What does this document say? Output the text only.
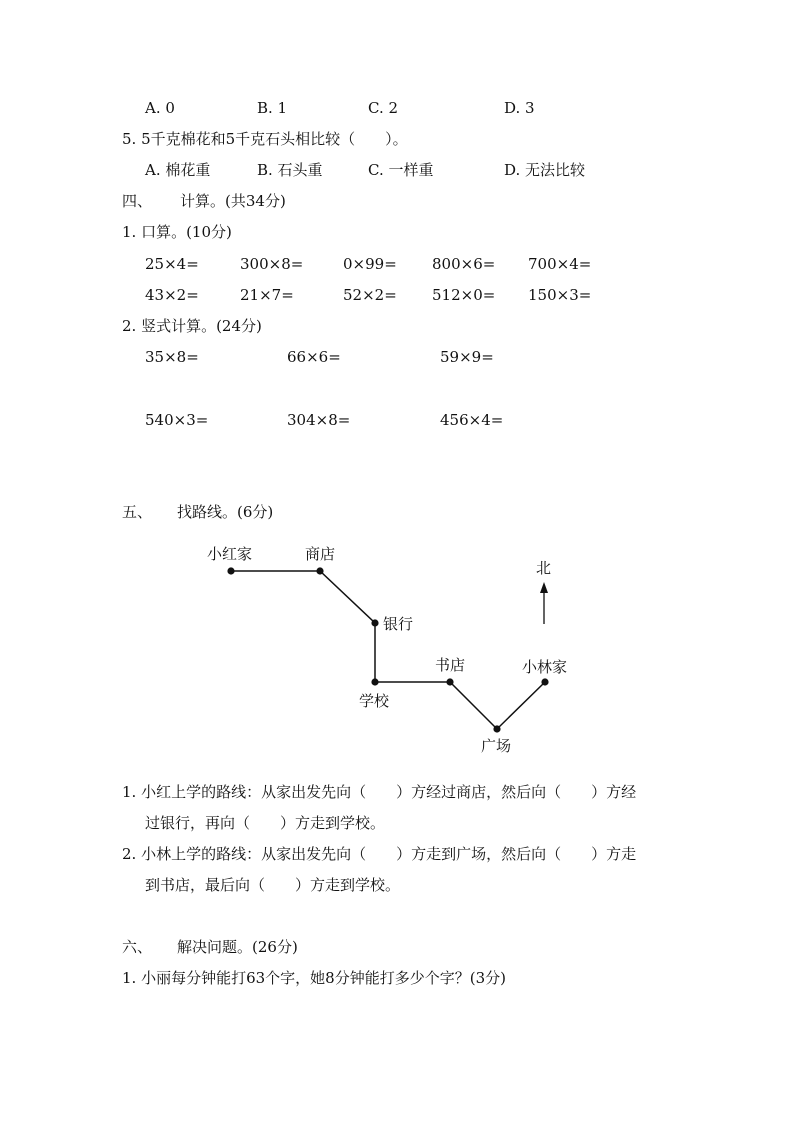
A. 0	B. 1	C. 2	D. 3
5. 5千克棉花和5千克石头相比较（　　）。
A. 棉花重	B. 石头重	C. 一样重	D. 无法比较
四、 计算。(共34分)
1. 口算。(10分)
25×4=	300×8=	0×99= 800×6= 700×4=
43×2=	21×7=	52×2= 512×0= 150×3=
2. 竖式计算。(24分)
35×8=	66×6=	59×9=
540×3=	304×8=	456×4=
五、 找路线。(6分)
小红家	商店
银行
学校
书店
广场
小林家
北
1. 小红上学的路线：从家出发先向（　　）方经过商店，然后向（　　）方经
过银行，再向（　　）方走到学校。
2. 小林上学的路线：从家出发先向（　　）方走到广场，然后向（　　）方走
到书店，最后向（　　）方走到学校。
六、 解决问题。(26分)
1. 小丽每分钟能打63个字，她8分钟能打多少个字？(3分)
